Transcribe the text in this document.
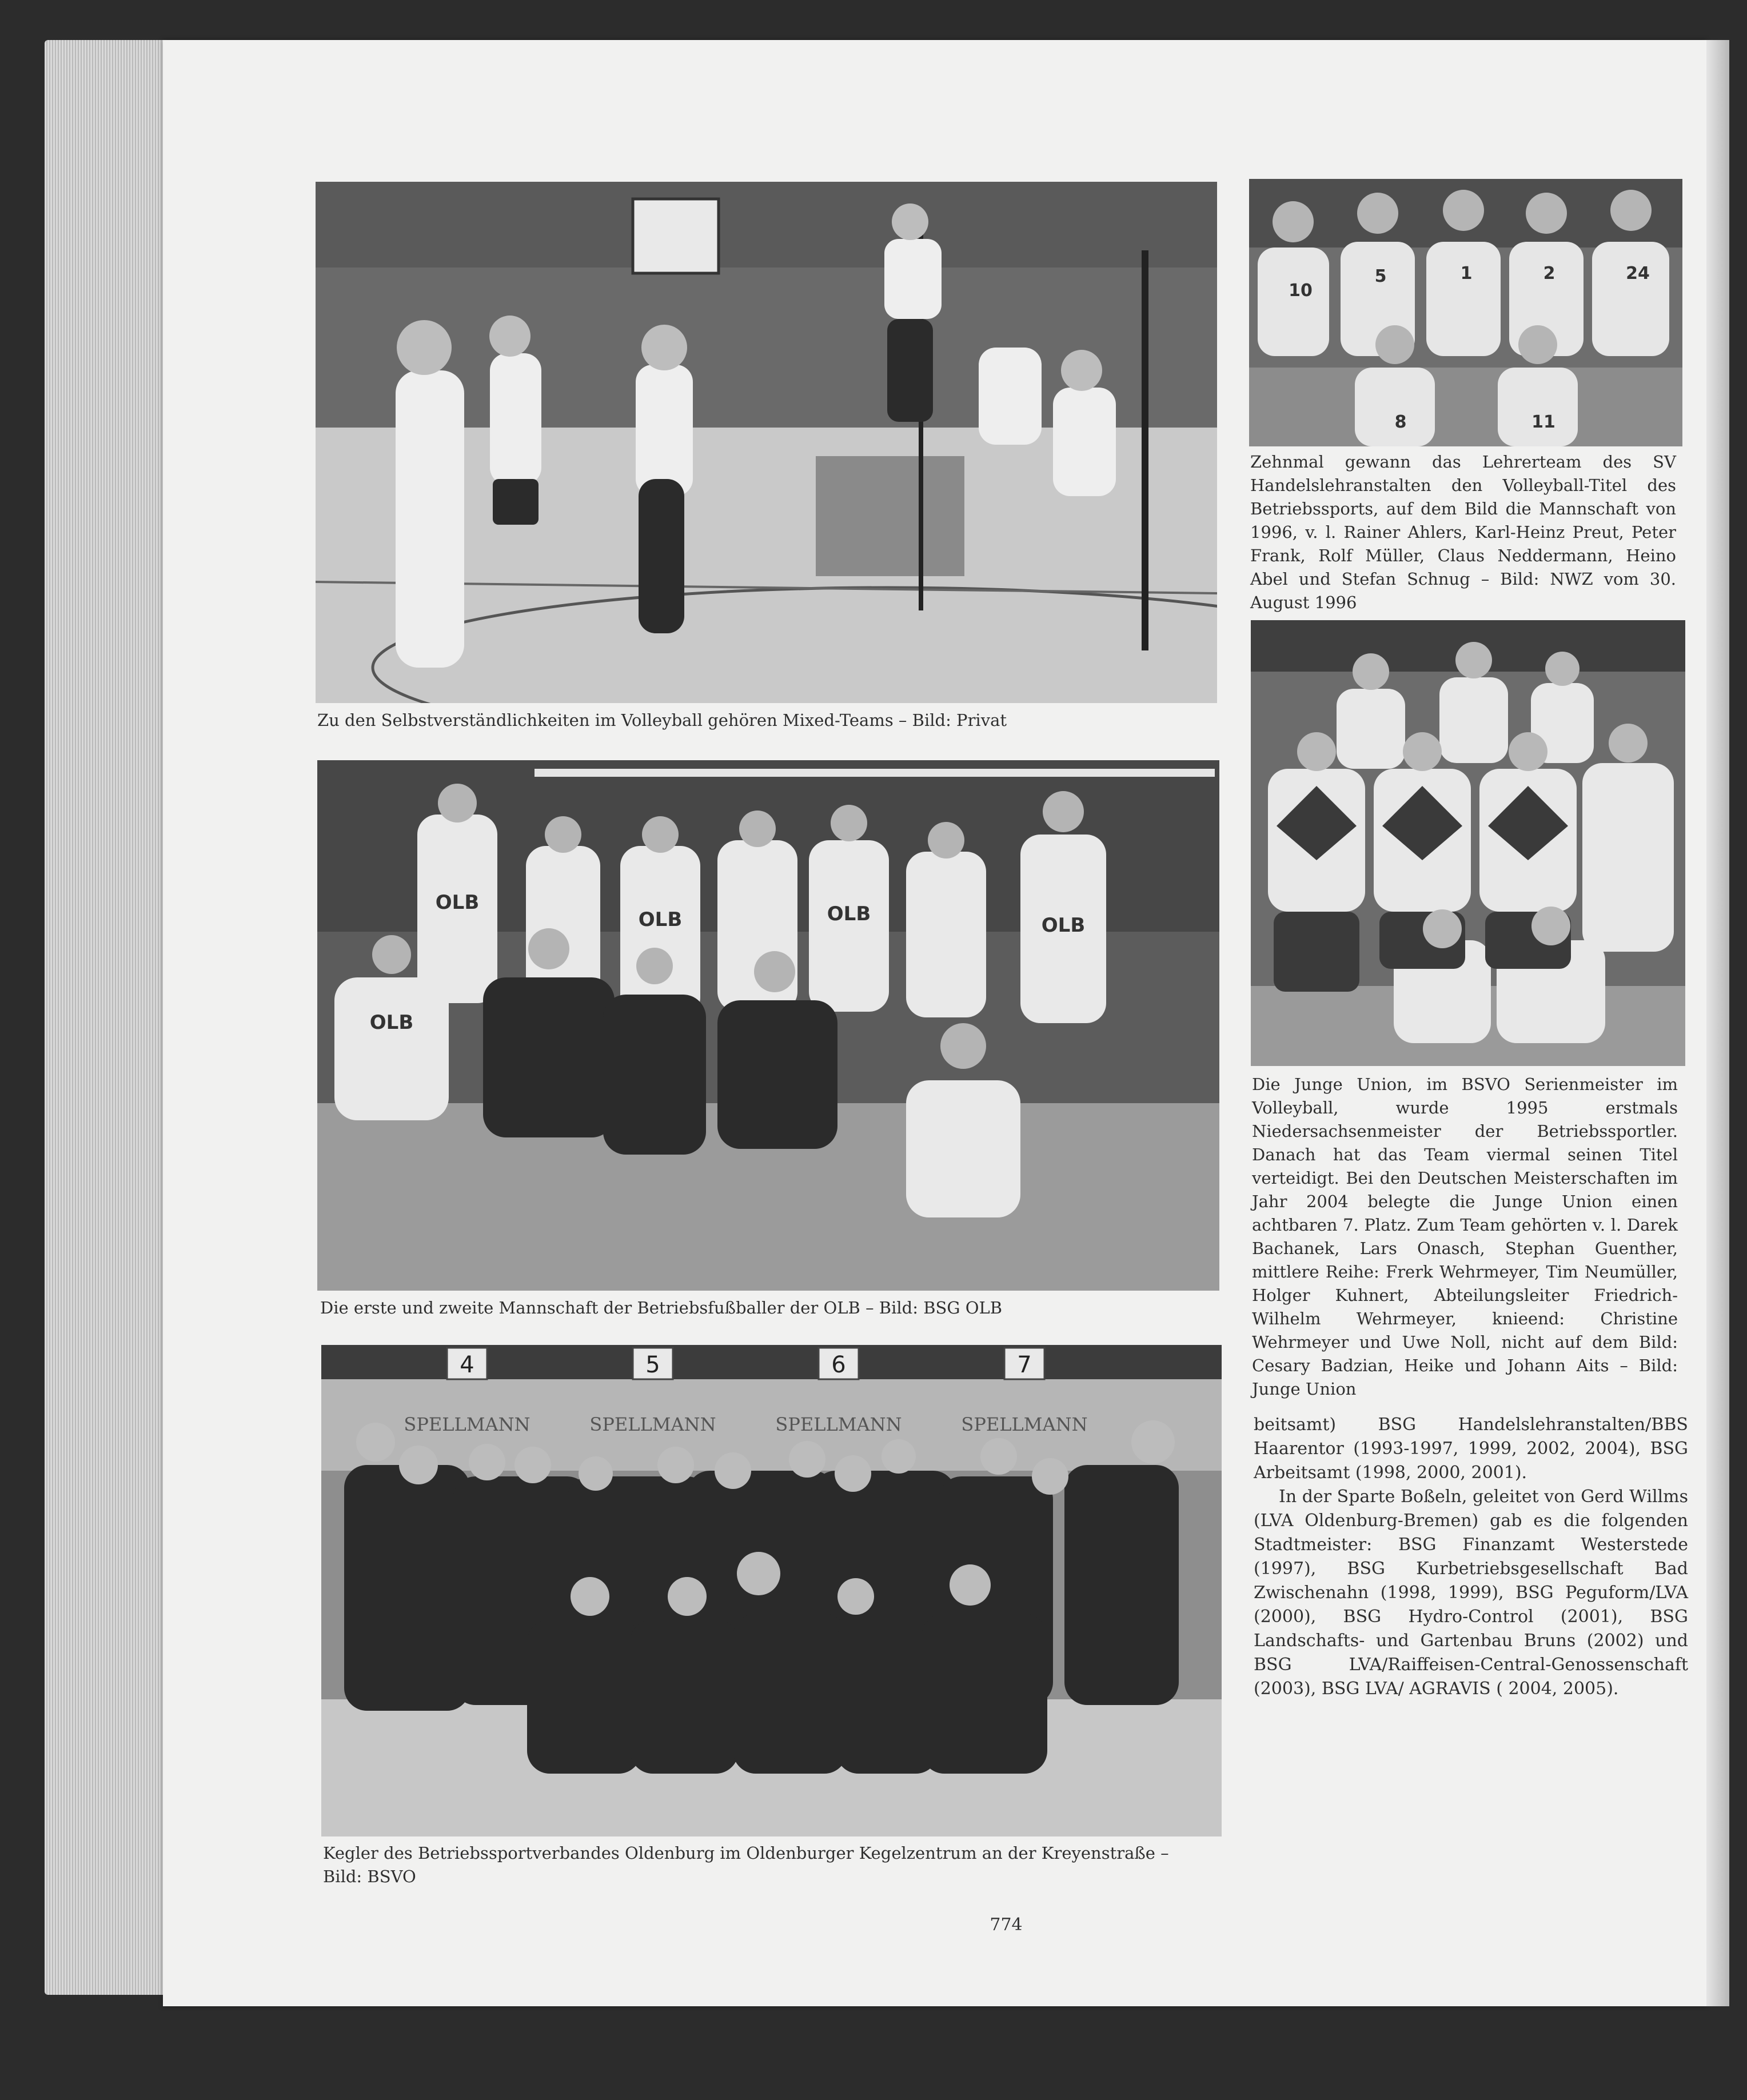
Zu den Selbstverständlichkeiten im Volleyball gehören Mixed-Teams – Bild: Privat
10
5	1	2	24
8	11
Zehnmal gewann das Lehrerteam des SV Handelslehranstalten den Volleyball-Titel des Betriebssports, auf dem Bild die Mannschaft von 1996, v. l. Rainer Ahlers, Karl-Heinz Preut, Peter Frank, Rolf Müller, Claus Neddermann, Heino Abel und Stefan Schnug – Bild: NWZ vom 30. August 1996
Die Junge Union, im BSVO Serienmeister im Volleyball, wurde 1995 erstmals Niedersachsenmeister der Betriebssportler. Danach hat das Team viermal seinen Titel verteidigt. Bei den Deutschen Meisterschaften im Jahr 2004 belegte die Junge Union einen achtbaren 7. Platz. Zum Team gehörten v. l. Darek Bachanek, Lars Onasch, Stephan Guenther, mittlere Reihe: Frerk Wehrmeyer, Tim Neumüller, Holger Kuhnert, Abteilungsleiter Friedrich-Wilhelm Wehrmeyer, knieend: Christine Wehrmeyer und Uwe Noll, nicht auf dem Bild: Cesary Badzian, Heike und Johann Aits – Bild: Junge Union
OLB
OLB	OLB	OLB
OLB
Die erste und zweite Mannschaft der Betriebsfußballer der OLB – Bild: BSG OLB
4	5	6	7
SPELLMANN	SPELLMANN	SPELLMANN	SPELLMANN
Kegler des Betriebssportverbandes Oldenburg im Oldenburger Kegelzentrum an der Kreyenstraße – Bild: BSVO

beitsamt) BSG Handelslehranstalten/BBS Haarentor (1993-1997, 1999, 2002, 2004), BSG Arbeitsamt (1998, 2000, 2001).

In der Sparte Boßeln, geleitet von Gerd Willms (LVA Oldenburg-Bremen) gab es die folgenden Stadtmeister: BSG Finanzamt Westerstede (1997), BSG Kurbetriebsgesellschaft Bad Zwischenahn (1998, 1999), BSG Peguform/LVA (2000), BSG Hydro-Control (2001), BSG Landschafts- und Gartenbau Bruns (2002) und BSG LVA/Raiffeisen-Central-Genossenschaft (2003), BSG LVA/ AGRAVIS ( 2004, 2005).

774
